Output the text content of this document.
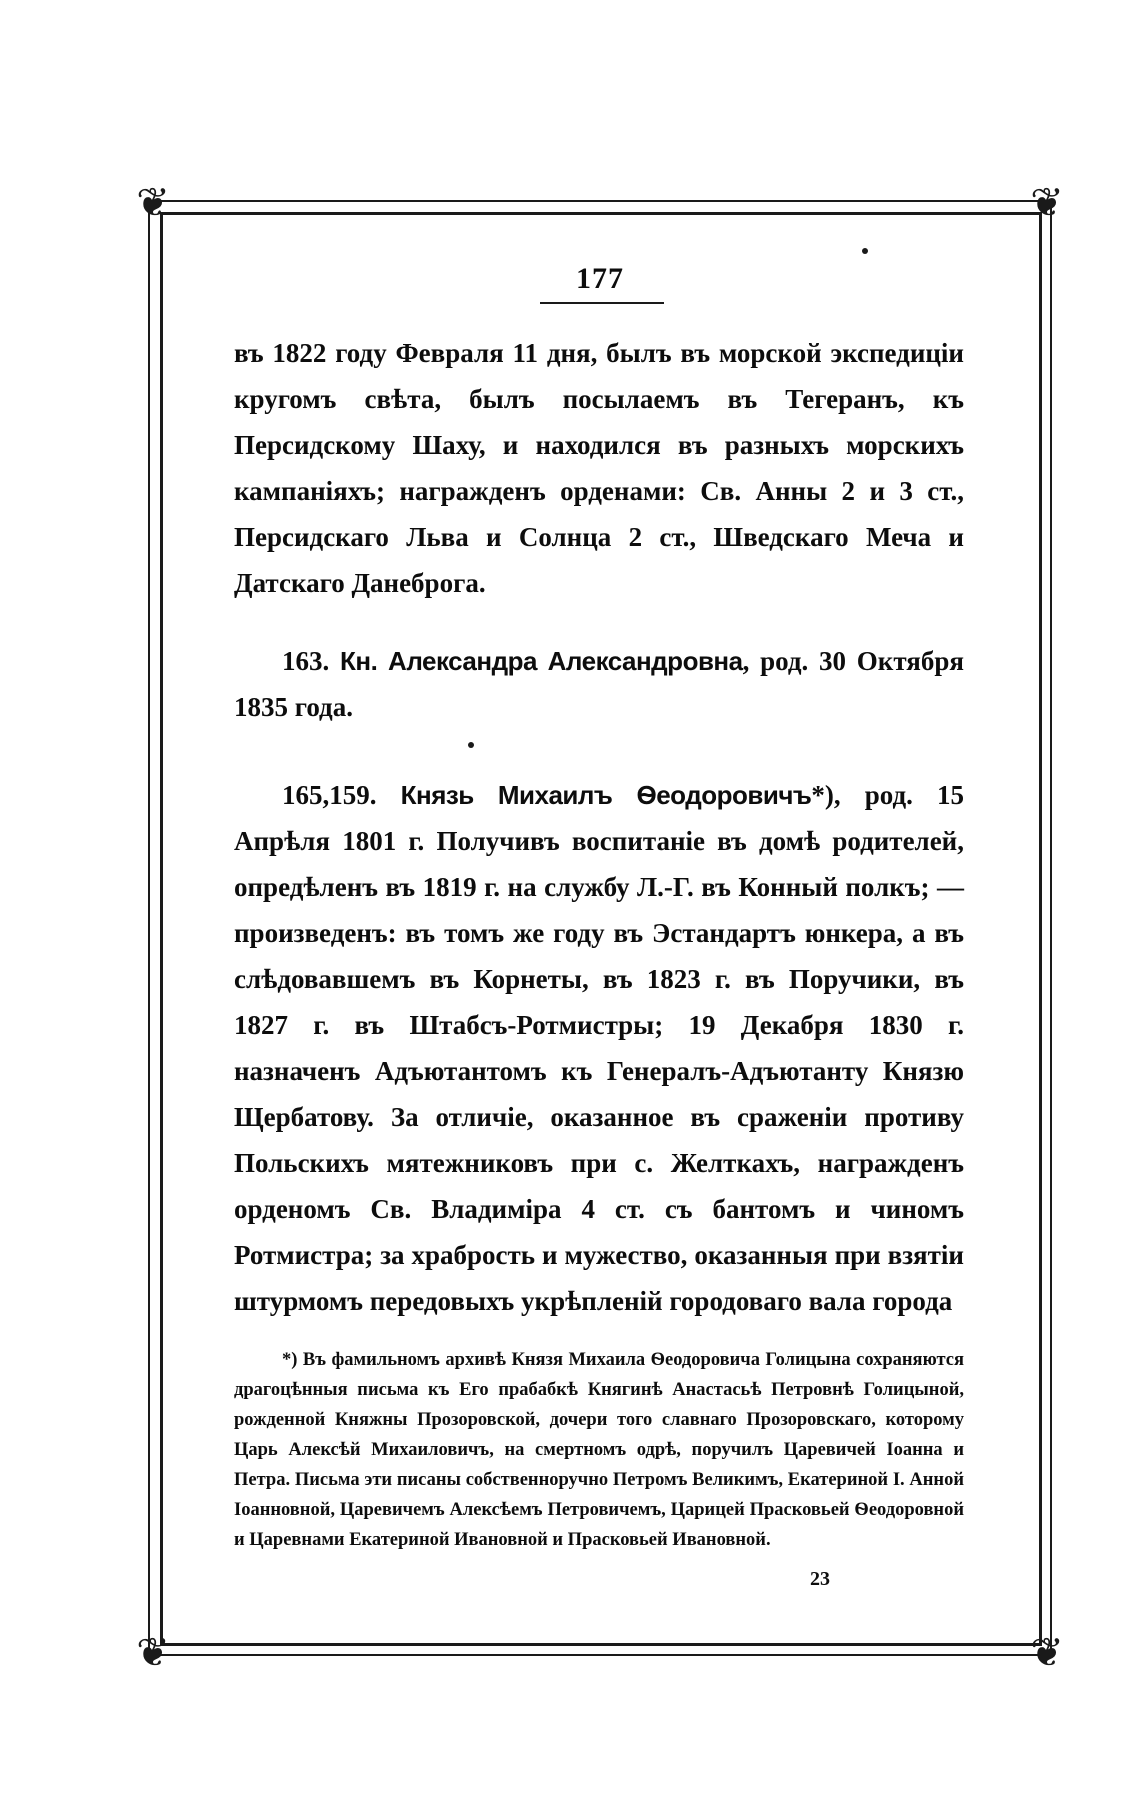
❦	❦
❦	❦
177
въ 1822 году Февраля 11 дня, былъ въ морской экспедиціи кругомъ свѣта, былъ посылаемъ въ Тегеранъ, къ Персидскому Шаху, и находился въ разныхъ морскихъ кампаніяхъ; награжденъ орденами: Св. Анны 2 и 3 ст., Персидскаго Льва и Солнца 2 ст., Шведскаго Меча и Датскаго Данеброга.
163. Кн. Александра Александровна, род. 30 Октября 1835 года.
165,159. Князь Михаилъ Ѳеодоровичъ*), род. 15 Апрѣля 1801 г. Получивъ воспитаніе въ домѣ родителей, опредѣленъ въ 1819 г. на службу Л.-Г. въ Конный полкъ; — произведенъ: въ томъ же году въ Эстандартъ юнкера, а въ слѣдовавшемъ въ Корнеты, въ 1823 г. въ Поручики, въ 1827 г. въ Штабсъ-Ротмистры; 19 Декабря 1830 г. назначенъ Адъютантомъ къ Генералъ-Адъютанту Князю Щербатову. За отличіе, оказанное въ сраженіи противу Польскихъ мятежниковъ при с. Желткахъ, награжденъ орденомъ Св. Владиміра 4 ст. съ бантомъ и чиномъ Ротмистра; за храбрость и мужество, оказанныя при взятіи штурмомъ передовыхъ укрѣпленій городоваго вала города
*) Въ фамильномъ архивѣ Князя Михаила Ѳеодоровича Голицына сохраняются драгоцѣнныя письма къ Его прабабкѣ Княгинѣ Анастасьѣ Петровнѣ Голицыной, рожденной Княжны Прозоровской, дочери того славнаго Прозоровскаго, которому Царь Алексѣй Михаиловичъ, на смертномъ одрѣ, поручилъ Царевичей Іоанна и Петра. Письма эти писаны собственноручно Петромъ Великимъ, Екатериной I. Анной Іоанновной, Царевичемъ Алексѣемъ Петровичемъ, Царицей Прасковьей Ѳеодоровной и Царевнами Екатериной Ивановной и Прасковьей Ивановной.
23
